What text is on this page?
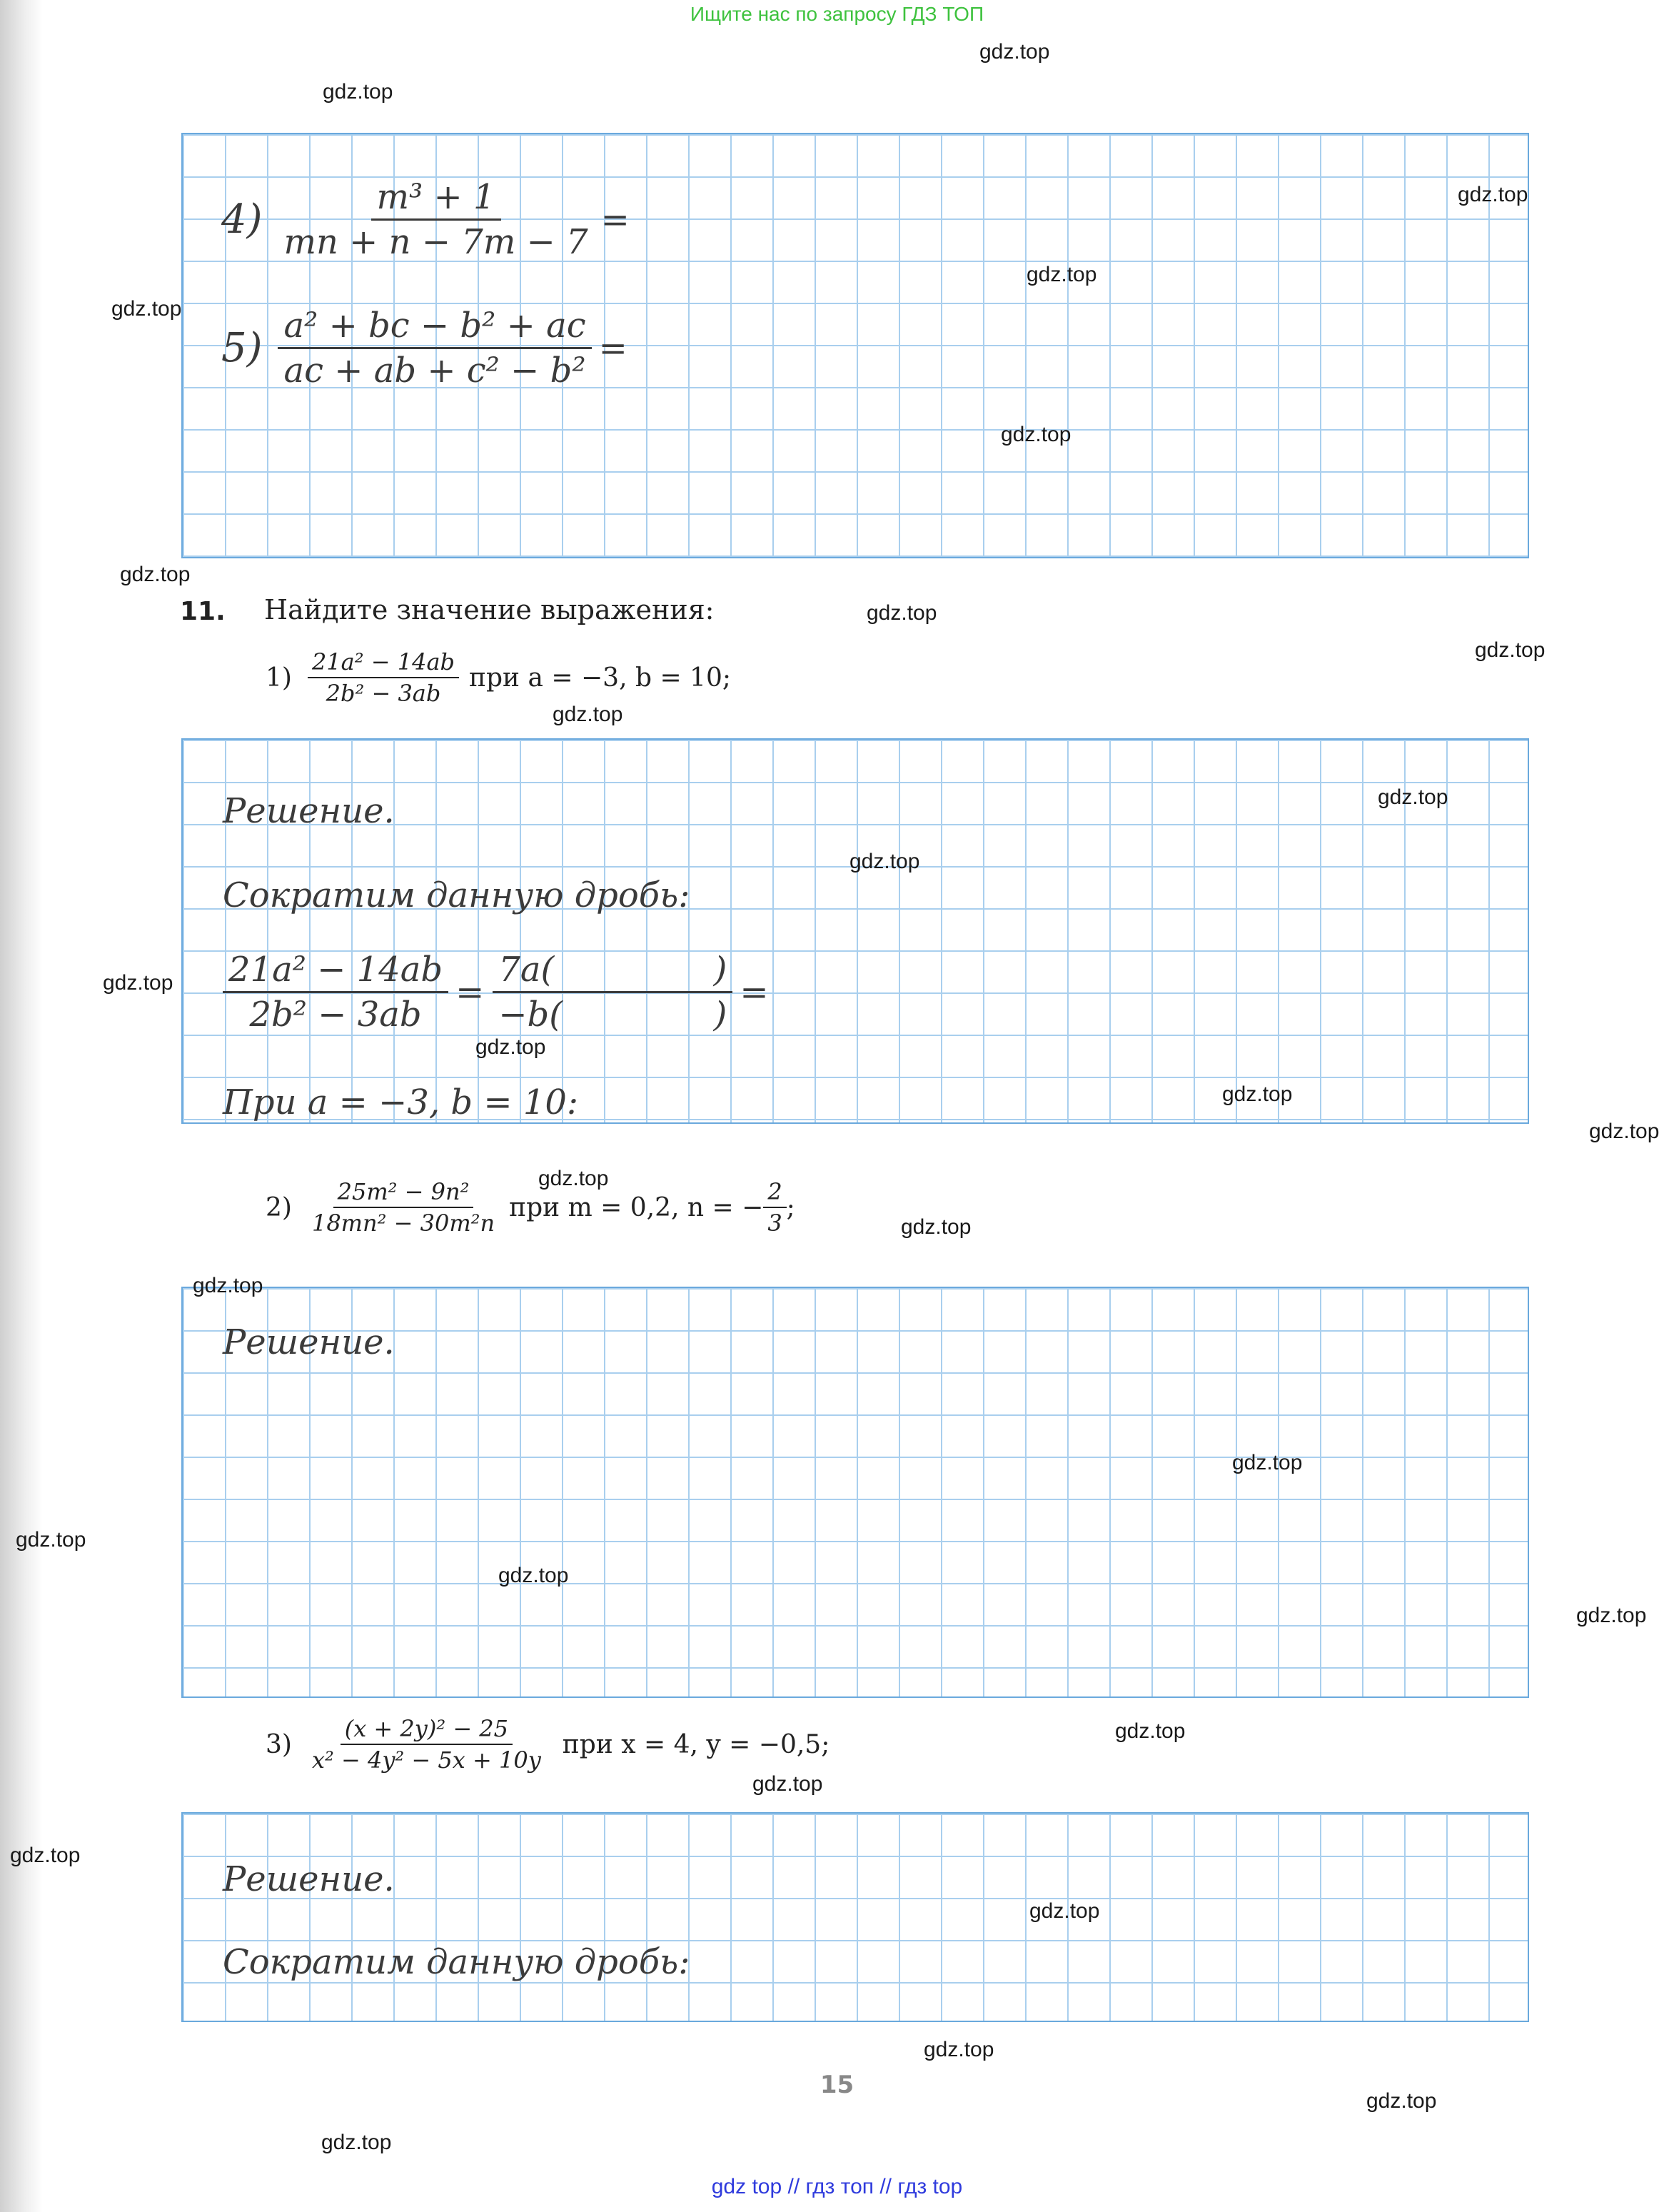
Ищите нас по запросу ГДЗ ТОП
$4) \frac{\text{m³ + 1}}{mn + n - 7m - 7}$ =
$5) \frac{\text{a² + bc − b² + ac}}{\text{ac + ab + c² − b²}}$ =
11. Найдите значение выражения:
$1) \frac{\text{21a² − 14ab}}{\text{2b² − 3ab}}$ при a = −3, b = 10;
Решение.
Сократим данную дробь:
$\frac{\text{21a² − 14ab}}{\text{2b² − 3ab}} = 7a$(	)
−b(	) =
При a = −3, b = 10:
$2) \frac{\text{25m² − 9n²}}{\text{18mn² − 30m²n}}$ при m = 0,2, n = − $\frac{2}{3}$ ;
Решение.
$3) \frac{\text{(x + 2y)² − 25}}{\text{x² − 4y² − 5x + 10y}}$ при x = 4, y = −0,5;
Решение.
Сократим данную дробь:
15
gdz.top
gdz.top
gdz.top
gdz.top
gdz.top
gdz.top
gdz.top
gdz.top
gdz.top
gdz.top
gdz.top
gdz.top
gdz.top
gdz.top
gdz.top
gdz.top
gdz.top
gdz.top
gdz.top
gdz.top
gdz.top
gdz.top
gdz.top
gdz.top
gdz.top
gdz.top
gdz.top
gdz.top
gdz.top
gdz.top
gdz top // гдз топ // гдз top
